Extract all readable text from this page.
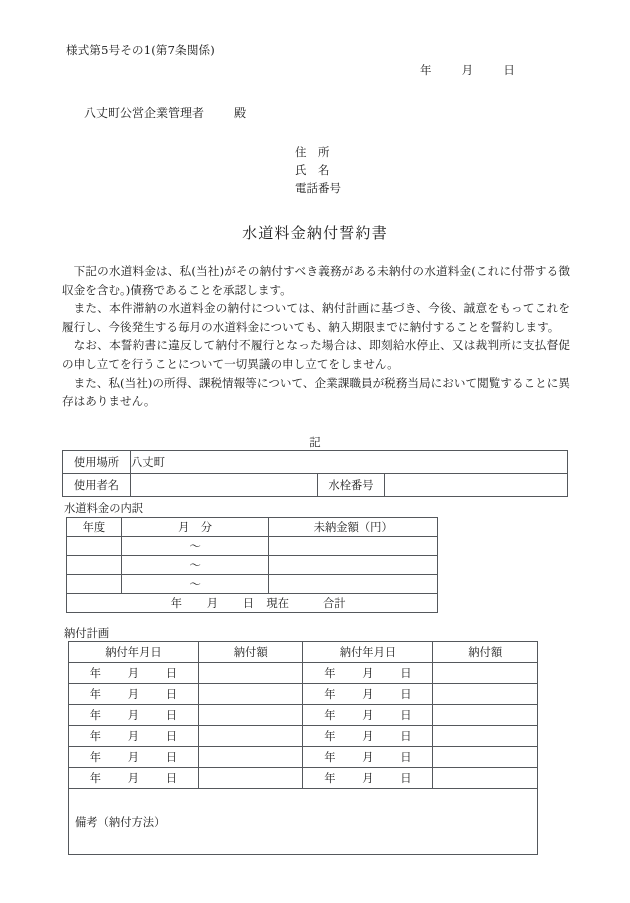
様式第5号その1(第7条関係)
年	月	日
八丈町公営企業管理者	殿
住　所
氏　名
電話番号
水道料金納付誓約書

下記の水道料金は、私(当社)がその納付すべき義務がある未納付の水道料金(これに付帯する徴収金を含む。)債務であることを承認します。

また、本件滞納の水道料金の納付については、納付計画に基づき、今後、誠意をもってこれを履行し、今後発生する毎月の水道料金についても、納入期限までに納付することを誓約します。

なお、本誓約書に違反して納付不履行となった場合は、即刻給水停止、又は裁判所に支払督促の申し立てを行うことについて一切異議の申し立てをしません。

また、私(当社)の所得、課税情報等について、企業課職員が税務当局において閲覧することに異存はありません。

記
使用場所	八丈町		
使用者名		水栓番号	
水道料金の内訳
年度	月　分	未納金額（円）
	〜	
	〜	
	〜	

年 月 日 現在 合計		
納付計画
納付年月日	納付額	納付年月日	納付額

年 月 日		年 月 日	

年 月 日		年 月 日	

年 月 日		年 月 日	

年 月 日		年 月 日	

年 月 日		年 月 日	

年 月 日		年 月 日	

備考（納付方法）			
